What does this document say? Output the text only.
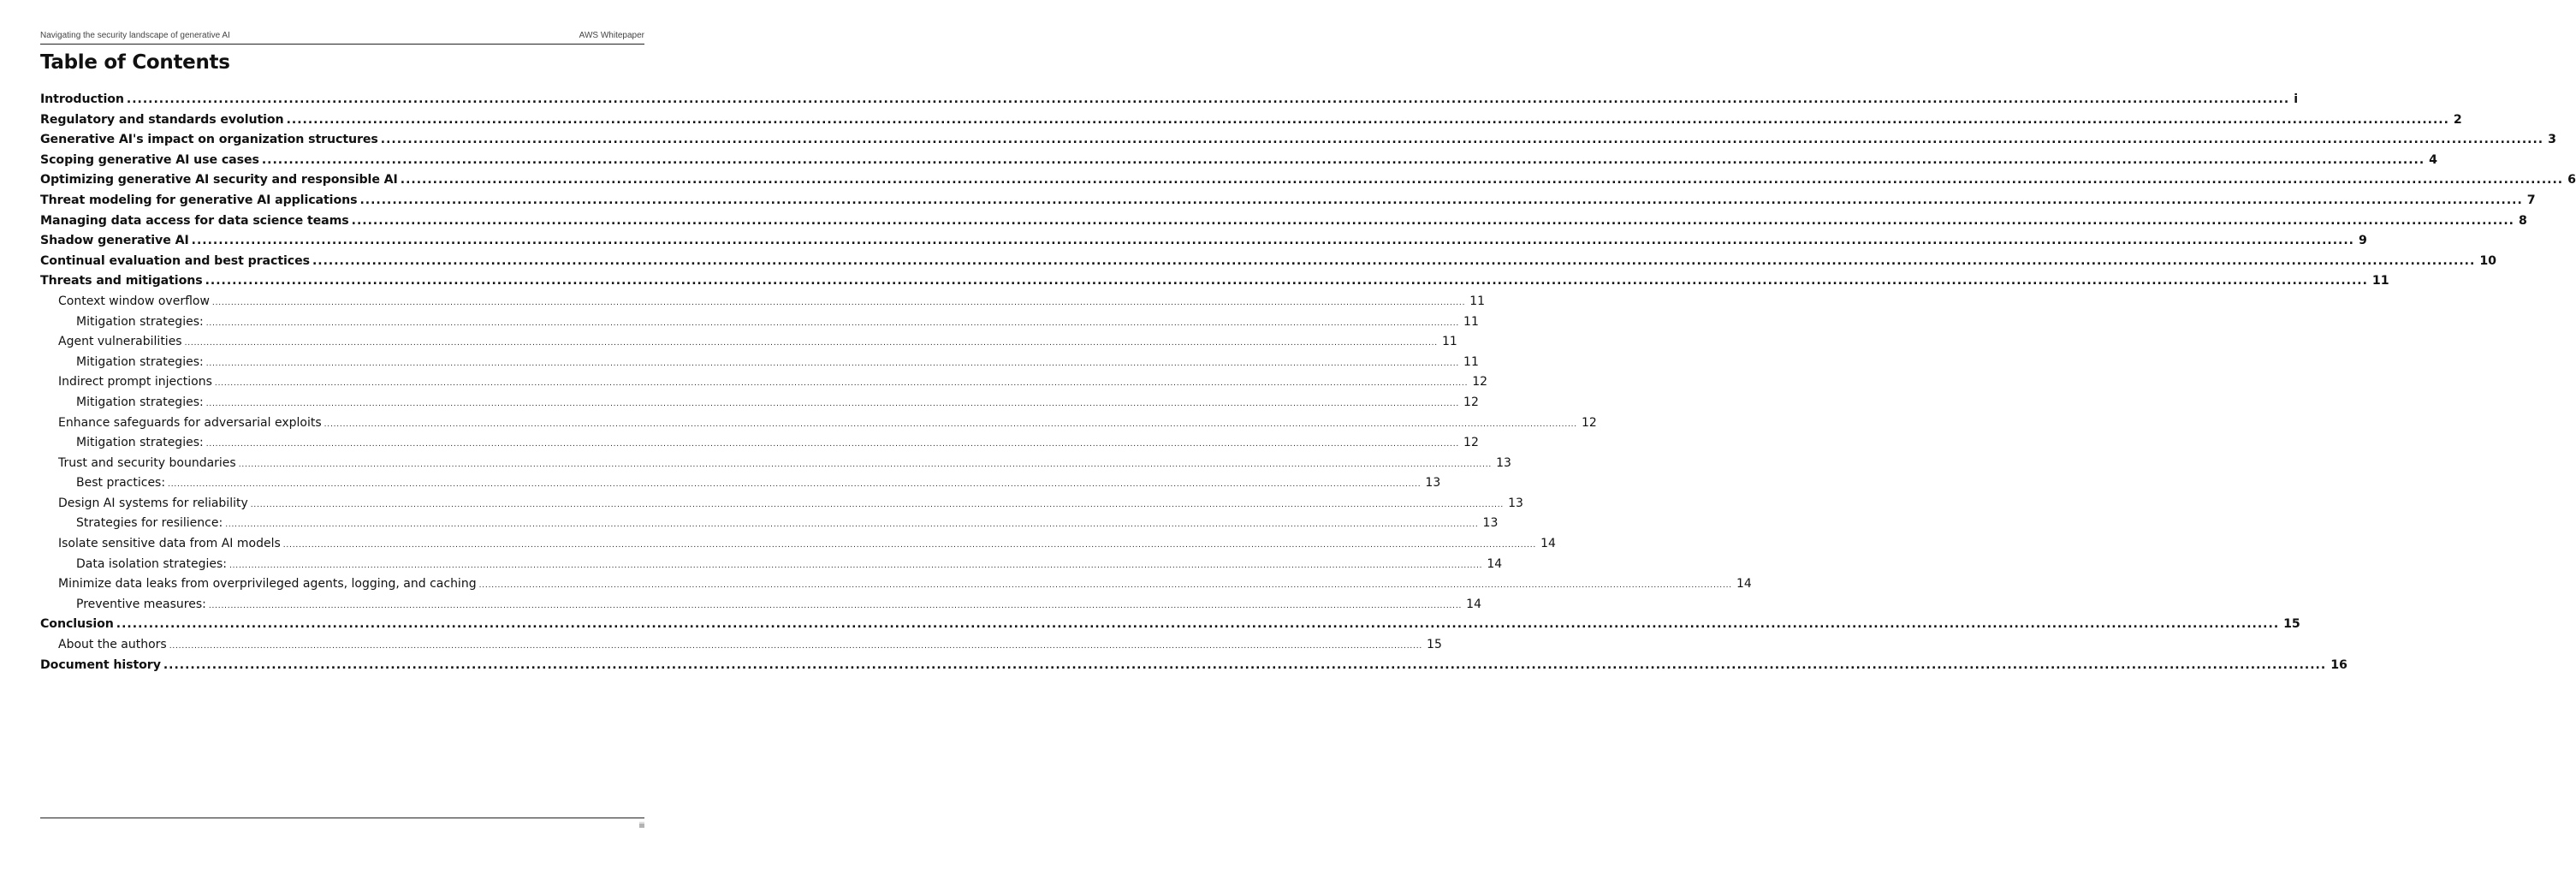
Navigating the security landscape of generative AI	AWS Whitepaper
Table of Contents
Introduction ................................................................................................................................................................................................................................................................................................................................................................................................................ i
Regulatory and standards evolution ................................................................................................................................................................................................................................................................................................................................................................................................................ 2
Generative AI's impact on organization structures ................................................................................................................................................................................................................................................................................................................................................................................................................ 3
Scoping generative AI use cases ................................................................................................................................................................................................................................................................................................................................................................................................................ 4
Optimizing generative AI security and responsible AI ................................................................................................................................................................................................................................................................................................................................................................................................................ 6
Threat modeling for generative AI applications ................................................................................................................................................................................................................................................................................................................................................................................................................ 7
Managing data access for data science teams ................................................................................................................................................................................................................................................................................................................................................................................................................ 8
Shadow generative AI ................................................................................................................................................................................................................................................................................................................................................................................................................ 9
Continual evaluation and best practices ................................................................................................................................................................................................................................................................................................................................................................................................................ 10
Threats and mitigations ................................................................................................................................................................................................................................................................................................................................................................................................................ 11
Context window overflow ................................................................................................................................................................................................................................................................................................................................................................................................................ 11
Mitigation strategies: ................................................................................................................................................................................................................................................................................................................................................................................................................ 11
Agent vulnerabilities ................................................................................................................................................................................................................................................................................................................................................................................................................ 11
Mitigation strategies: ................................................................................................................................................................................................................................................................................................................................................................................................................ 11
Indirect prompt injections ................................................................................................................................................................................................................................................................................................................................................................................................................ 12
Mitigation strategies: ................................................................................................................................................................................................................................................................................................................................................................................................................ 12
Enhance safeguards for adversarial exploits ................................................................................................................................................................................................................................................................................................................................................................................................................ 12
Mitigation strategies: ................................................................................................................................................................................................................................................................................................................................................................................................................ 12
Trust and security boundaries ................................................................................................................................................................................................................................................................................................................................................................................................................ 13
Best practices: ................................................................................................................................................................................................................................................................................................................................................................................................................ 13
Design AI systems for reliability ................................................................................................................................................................................................................................................................................................................................................................................................................ 13
Strategies for resilience: ................................................................................................................................................................................................................................................................................................................................................................................................................ 13
Isolate sensitive data from AI models ................................................................................................................................................................................................................................................................................................................................................................................................................ 14
Data isolation strategies: ................................................................................................................................................................................................................................................................................................................................................................................................................ 14
Minimize data leaks from overprivileged agents, logging, and caching ................................................................................................................................................................................................................................................................................................................................................................................................................ 14
Preventive measures: ................................................................................................................................................................................................................................................................................................................................................................................................................ 14
Conclusion ................................................................................................................................................................................................................................................................................................................................................................................................................ 15
About the authors ................................................................................................................................................................................................................................................................................................................................................................................................................ 15
Document history ................................................................................................................................................................................................................................................................................................................................................................................................................ 16
iii
